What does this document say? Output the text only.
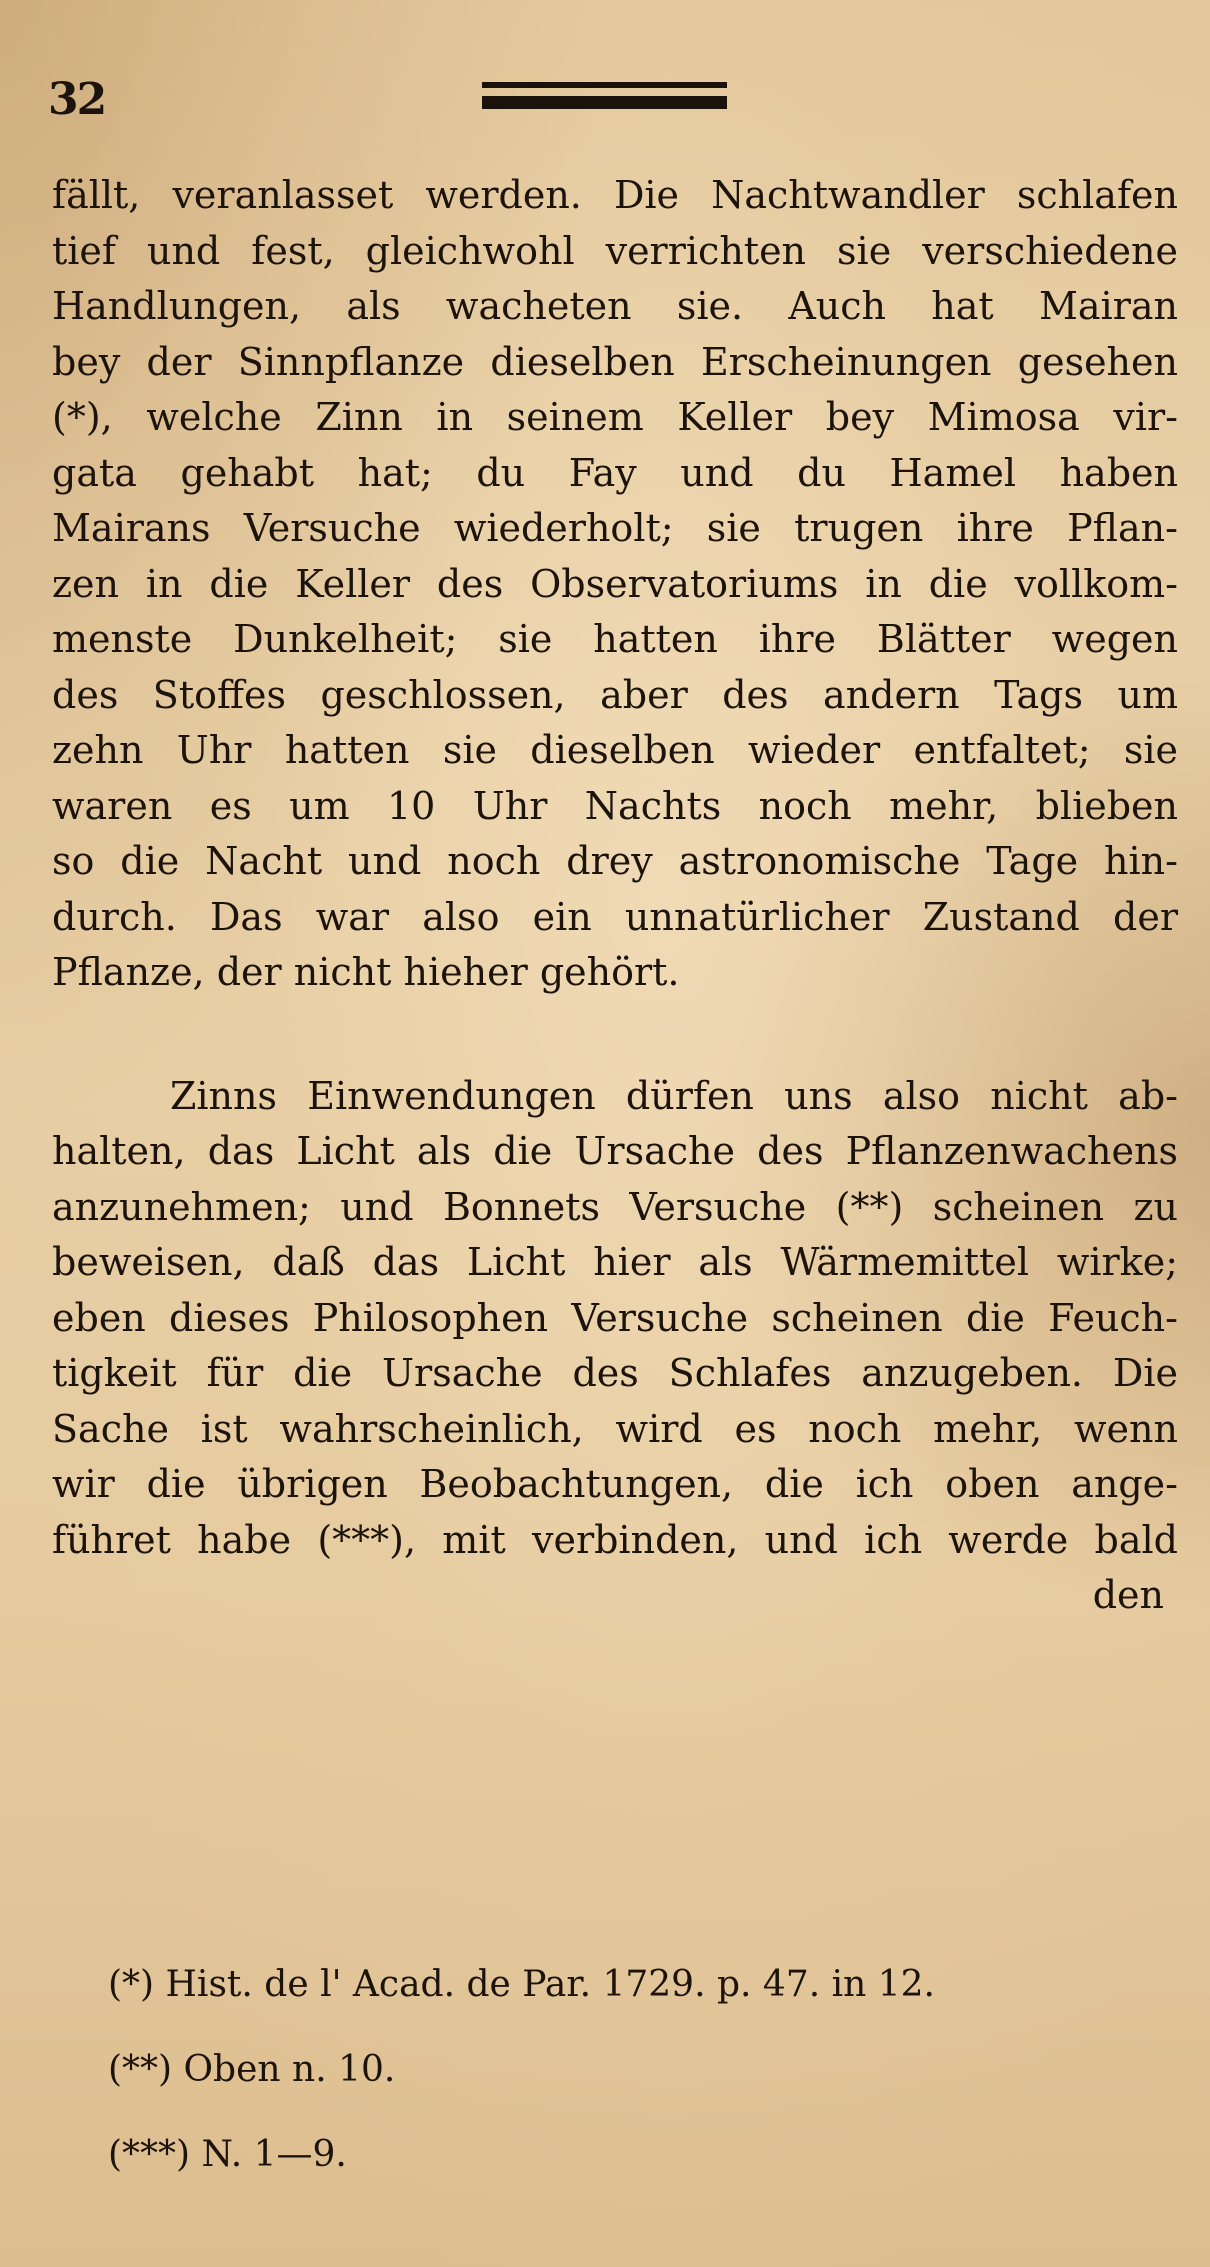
32
fällt, veranlasset werden. Die Nachtwandler schlafen
tief und fest, gleichwohl verrichten sie verschiedene
Handlungen, als wacheten sie. Auch hat Mairan
bey der Sinnpflanze dieselben Erscheinungen gesehen
(*), welche Zinn in seinem Keller bey Mimosa vir-
gata gehabt hat; du Fay und du Hamel haben
Mairans Versuche wiederholt; sie trugen ihre Pflan-
zen in die Keller des Observatoriums in die vollkom-
menste Dunkelheit; sie hatten ihre Blätter wegen
des Stoffes geschlossen, aber des andern Tags um
zehn Uhr hatten sie dieselben wieder entfaltet; sie
waren es um 10 Uhr Nachts noch mehr, blieben
so die Nacht und noch drey astronomische Tage hin-
durch. Das war also ein unnatürlicher Zustand der
Pflanze, der nicht hieher gehört.
Zinns Einwendungen dürfen uns also nicht ab-
halten, das Licht als die Ursache des Pflanzenwachens
anzunehmen; und Bonnets Versuche (**) scheinen zu
beweisen, daß das Licht hier als Wärmemittel wirke;
eben dieses Philosophen Versuche scheinen die Feuch-
tigkeit für die Ursache des Schlafes anzugeben. Die
Sache ist wahrscheinlich, wird es noch mehr, wenn
wir die übrigen Beobachtungen, die ich oben ange-
führet habe (***), mit verbinden, und ich werde bald
den
(*) Hist. de l' Acad. de Par. 1729. p. 47. in 12.
(**) Oben n. 10.
(***) N. 1—9.
